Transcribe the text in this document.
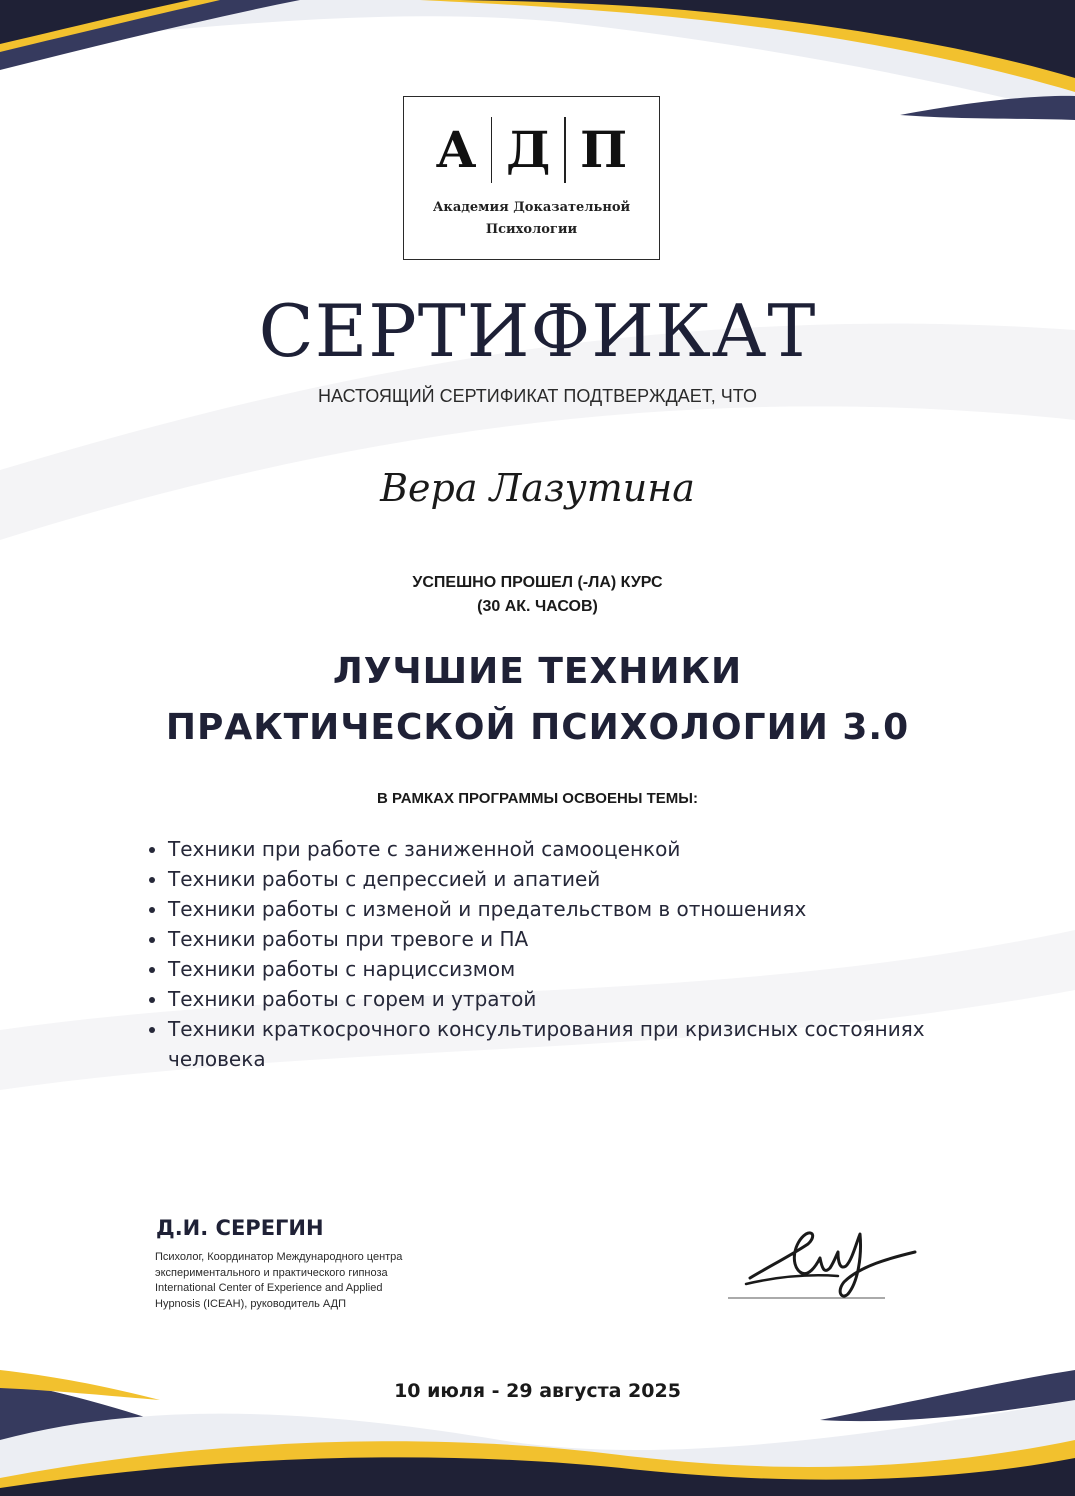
А Д П
Академия Доказательной
Психологии
СЕРТИФИКАТ
НАСТОЯЩИЙ СЕРТИФИКАТ ПОДТВЕРЖДАЕТ, ЧТО
Вера Лазутина
УСПЕШНО ПРОШЕЛ (-ЛА) КУРС
(30 АК. ЧАСОВ)
ЛУЧШИЕ ТЕХНИКИ
ПРАКТИЧЕСКОЙ ПСИХОЛОГИИ 3.0
В РАМКАХ ПРОГРАММЫ ОСВОЕНЫ ТЕМЫ:
• Техники при работе с заниженной самооценкой
• Техники работы с депрессией и апатией
• Техники работы с изменой и предательством в отношениях
• Техники работы при тревоге и ПА
• Техники работы с нарциссизмом
• Техники работы с горем и утратой
• Техники краткосрочного консультирования при кризисных состояниях человека
Д.И. СЕРЕГИН
Психолог, Координатор Международного центра экспериментального и практического гипноза International Center of Experience and Applied Hypnosis (ICEAH), руководитель АДП
10 июля - 29 августа 2025
